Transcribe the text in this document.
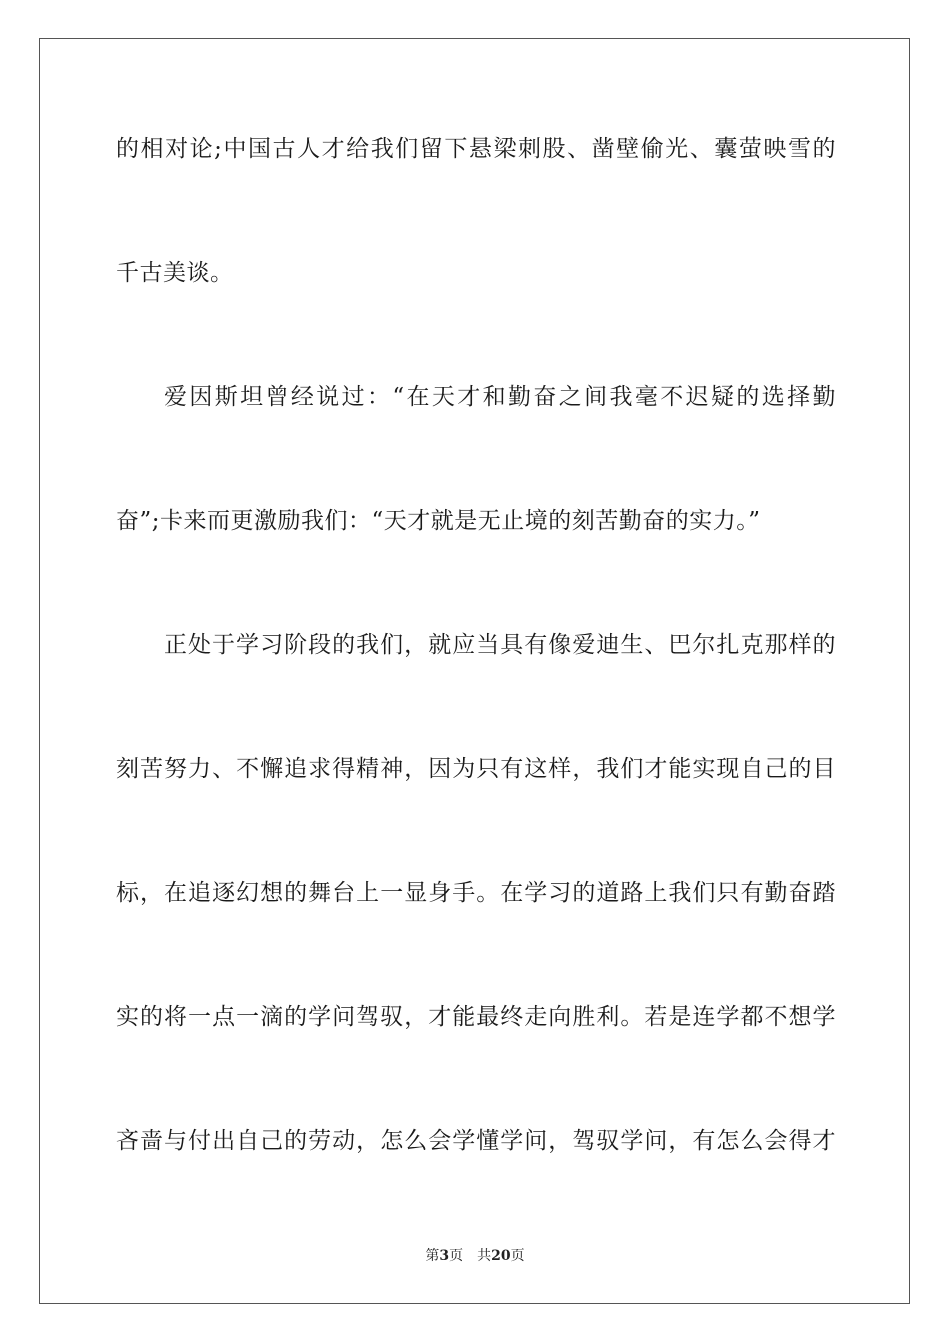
的相对论;中国古人才给我们留下悬梁刺股、凿壁偷光、囊萤映雪的
千古美谈。
爱因斯坦曾经说过：“在天才和勤奋之间我毫不迟疑的选择勤
奋”;卡来而更激励我们：“天才就是无止境的刻苦勤奋的实力。”
正处于学习阶段的我们，就应当具有像爱迪生、巴尔扎克那样的
刻苦努力、不懈追求得精神，因为只有这样，我们才能实现自己的目
标，在追逐幻想的舞台上一显身手。在学习的道路上我们只有勤奋踏
实的将一点一滴的学问驾驭，才能最终走向胜利。若是连学都不想学
吝啬与付出自己的劳动，怎么会学懂学问，驾驭学问，有怎么会得才
第3页 共20页
